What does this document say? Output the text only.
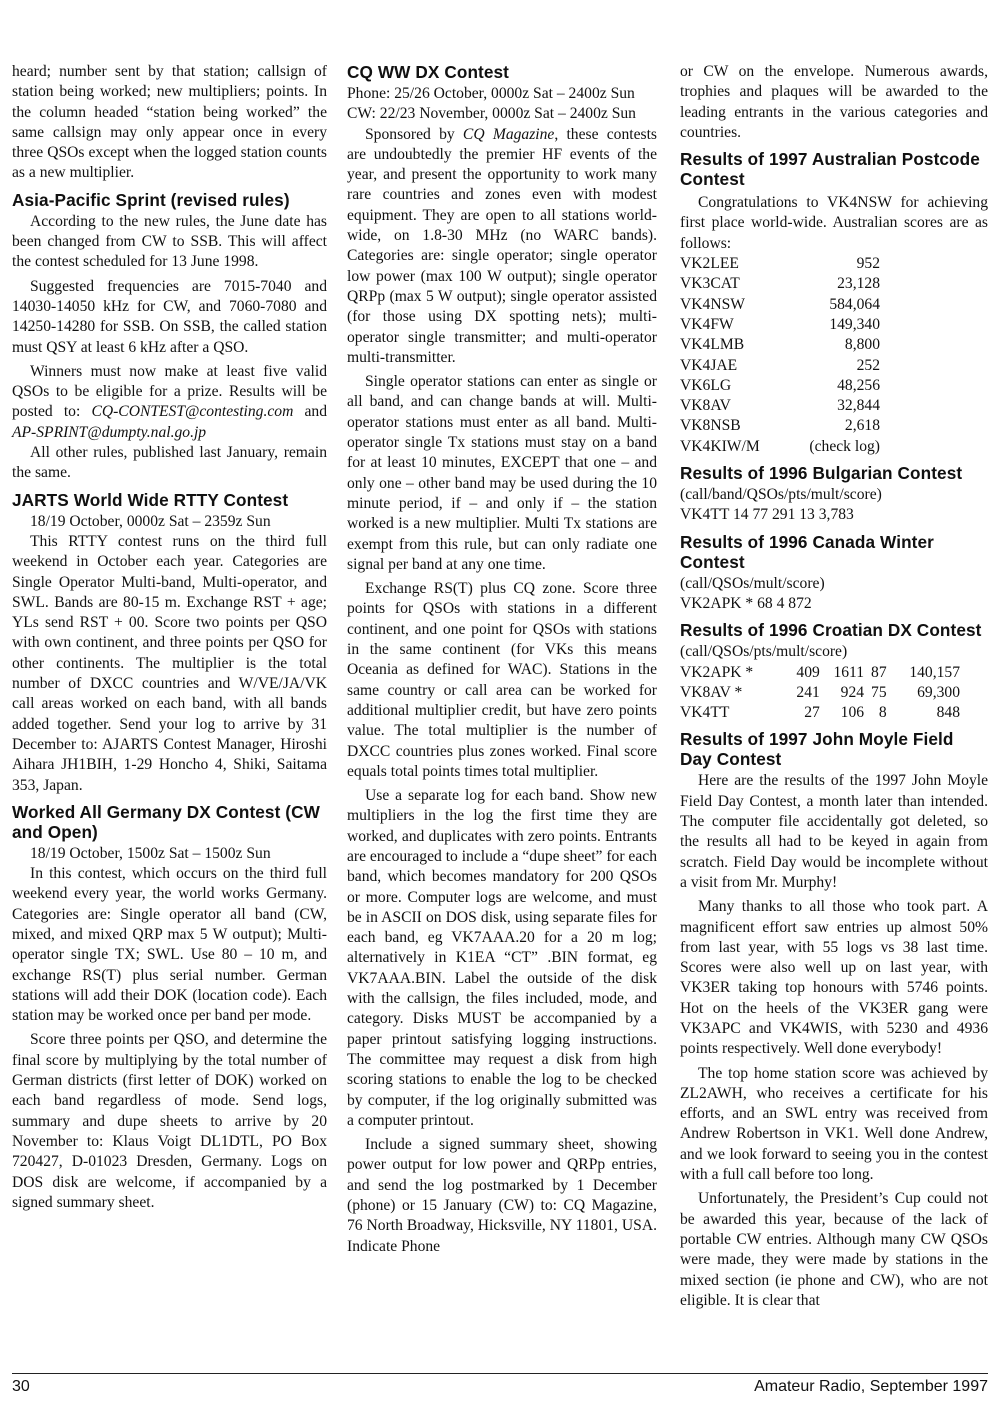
heard; number sent by that station; callsign of station being worked; new multipliers; points. In the column headed “station being worked” the same callsign may only appear once in every three QSOs except when the logged station counts as a new multiplier.

Asia-Pacific Sprint (revised rules)

According to the new rules, the June date has been changed from CW to SSB. This will affect the contest scheduled for 13 June 1998.

Suggested frequencies are 7015-7040 and 14030-14050 kHz for CW, and 7060-7080 and 14250-14280 for SSB. On SSB, the called station must QSY at least 6 kHz after a QSO.

Winners must now make at least five valid QSOs to be eligible for a prize. Results will be posted to: CQ-CONTEST@contesting.com and AP-SPRINT@dumpty.nal.go.jp

All other rules, published last January, remain the same.

JARTS World Wide RTTY Contest

18/19 October, 0000z Sat – 2359z Sun

This RTTY contest runs on the third full weekend in October each year. Categories are Single Operator Multi-band, Multi-operator, and SWL. Bands are 80-15 m. Exchange RST + age; YLs send RST + 00. Score two points per QSO with own continent, and three points per QSO for other continents. The multiplier is the total number of DXCC countries and W/VE/JA/VK call areas worked on each band, with all bands added together. Send your log to arrive by 31 December to: AJARTS Contest Manager, Hiroshi Aihara JH1BIH, 1-29 Honcho 4, Shiki, Saitama 353, Japan.

Worked All Germany DX Contest (CW and Open)

18/19 October, 1500z Sat – 1500z Sun

In this contest, which occurs on the third full weekend every year, the world works Germany. Categories are: Single operator all band (CW, mixed, and mixed QRP max 5 W output); Multi-operator single TX; SWL. Use 80 – 10 m, and exchange RS(T) plus serial number. German stations will add their DOK (location code). Each station may be worked once per band per mode.

Score three points per QSO, and determine the final score by multiplying by the total number of German districts (first letter of DOK) worked on each band regardless of mode. Send logs, summary and dupe sheets to arrive by 20 November to: Klaus Voigt DL1DTL, PO Box 720427, D-01023 Dresden, Germany. Logs on DOS disk are welcome, if accompanied by a signed summary sheet.

CQ WW DX Contest

Phone: 25/26 October, 0000z Sat – 2400z Sun

CW: 22/23 November, 0000z Sat – 2400z Sun

Sponsored by CQ Magazine, these contests are undoubtedly the premier HF events of the year, and present the opportunity to work many rare countries and zones even with modest equipment. They are open to all stations world-wide, on 1.8-30 MHz (no WARC bands). Categories are: single operator; single operator low power (max 100 W output); single operator QRPp (max 5 W output); single operator assisted (for those using DX spotting nets); multi-operator single transmitter; and multi-operator multi-transmitter.

Single operator stations can enter as single or all band, and can change bands at will. Multi-operator stations must enter as all band. Multi-operator single Tx stations must stay on a band for at least 10 minutes, EXCEPT that one – and only one – other band may be used during the 10 minute period, if – and only if – the station worked is a new multiplier. Multi Tx stations are exempt from this rule, but can only radiate one signal per band at any one time.

Exchange RS(T) plus CQ zone. Score three points for QSOs with stations in a different continent, and one point for QSOs with stations in the same continent (for VKs this means Oceania as defined for WAC). Stations in the same country or call area can be worked for additional multiplier credit, but have zero points value. The total multiplier is the number of DXCC countries plus zones worked. Final score equals total points times total multiplier.

Use a separate log for each band. Show new multipliers in the log the first time they are worked, and duplicates with zero points. Entrants are encouraged to include a “dupe sheet” for each band, which becomes mandatory for 200 QSOs or more. Computer logs are welcome, and must be in ASCII on DOS disk, using separate files for each band, eg VK7AAA.20 for a 20 m log; alternatively in K1EA “CT” .BIN format, eg VK7AAA.BIN. Label the outside of the disk with the callsign, the files included, mode, and category. Disks MUST be accompanied by a paper printout satisfying logging instructions. The committee may request a disk from high scoring stations to enable the log to be checked by computer, if the log originally submitted was a computer printout.

Include a signed summary sheet, showing power output for low power and QRPp entries, and send the log postmarked by 1 December (phone) or 15 January (CW) to: CQ Magazine, 76 North Broadway, Hicksville, NY 11801, USA. Indicate Phone

or CW on the envelope. Numerous awards, trophies and plaques will be awarded to the leading entrants in the various categories and countries.

Results of 1997 Australian Postcode Contest

Congratulations to VK4NSW for achieving first place world-wide. Australian scores are as follows:

VK2LEE	952
VK3CAT	23,128
VK4NSW	584,064
VK4FW	149,340
VK4LMB	8,800
VK4JAE	252
VK6LG	48,256
VK8AV	32,844
VK8NSB	2,618
VK4KIW/M	(check log)
Results of 1996 Bulgarian Contest

(call/band/QSOs/pts/mult/score)

VK4TT 14 77 291 13 3,783

Results of 1996 Canada Winter Contest

(call/QSOs/mult/score)

VK2APK * 68 4 872

Results of 1996 Croatian DX Contest

(call/QSOs/pts/mult/score)

VK2APK *	409	1611	87	140,157
VK8AV *	241	924	75	69,300
VK4TT	27	106	8	848
Results of 1997 John Moyle Field Day Contest

Here are the results of the 1997 John Moyle Field Day Contest, a month later than intended. The computer file accidentally got deleted, so the results all had to be keyed in again from scratch. Field Day would be incomplete without a visit from Mr. Murphy!

Many thanks to all those who took part. A magnificent effort saw entries up almost 50% from last year, with 55 logs vs 38 last time. Scores were also well up on last year, with VK3ER taking top honours with 5746 points. Hot on the heels of the VK3ER gang were VK3APC and VK4WIS, with 5230 and 4936 points respectively. Well done everybody!

The top home station score was achieved by ZL2AWH, who receives a certificate for his efforts, and an SWL entry was received from Andrew Robertson in VK1. Well done Andrew, and we look forward to seeing you in the contest with a full call before too long.

Unfortunately, the President’s Cup could not be awarded this year, because of the lack of portable CW entries. Although many CW QSOs were made, they were made by stations in the mixed section (ie phone and CW), who are not eligible. It is clear that

30	Amateur Radio, September 1997
